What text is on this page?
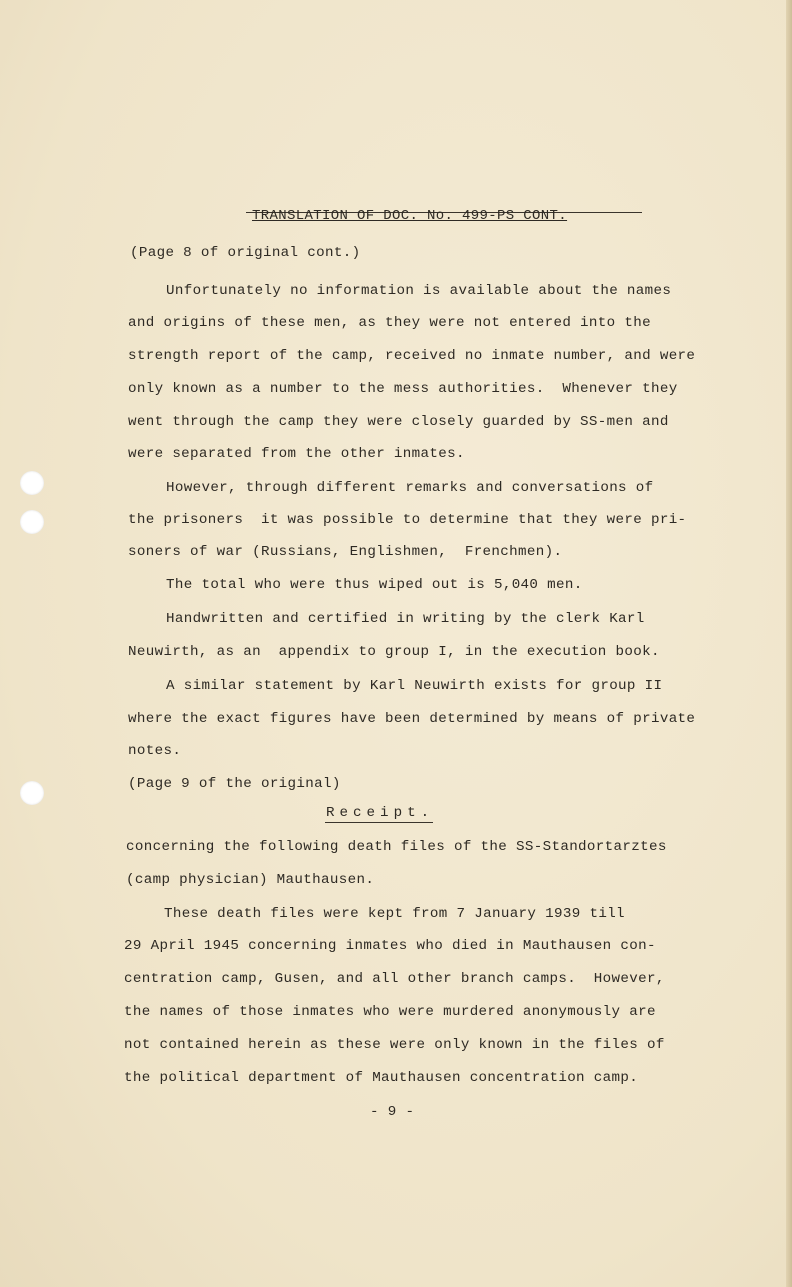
TRANSLATION OF DOC. No. 499-PS CONT.
(Page 8 of original cont.)
Unfortunately no information is available about the names
and origins of these men, as they were not entered into the
strength report of the camp, received no inmate number, and were
only known as a number to the mess authorities.  Whenever they
went through the camp they were closely guarded by SS-men and
were separated from the other inmates.
However, through different remarks and conversations of
the prisoners  it was possible to determine that they were pri-
soners of war (Russians, Englishmen,  Frenchmen).
The total who were thus wiped out is 5,040 men.
Handwritten and certified in writing by the clerk Karl
Neuwirth, as an  appendix to group I, in the execution book.
A similar statement by Karl Neuwirth exists for group II
where the exact figures have been determined by means of private
notes.
(Page 9 of the original)
Receipt.
concerning the following death files of the SS-Standortarztes
(camp physician) Mauthausen.
These death files were kept from 7 January 1939 till
29 April 1945 concerning inmates who died in Mauthausen con-
centration camp, Gusen, and all other branch camps.  However,
the names of those inmates who were murdered anonymously are
not contained herein as these were only known in the files of
the political department of Mauthausen concentration camp.
- 9 -
